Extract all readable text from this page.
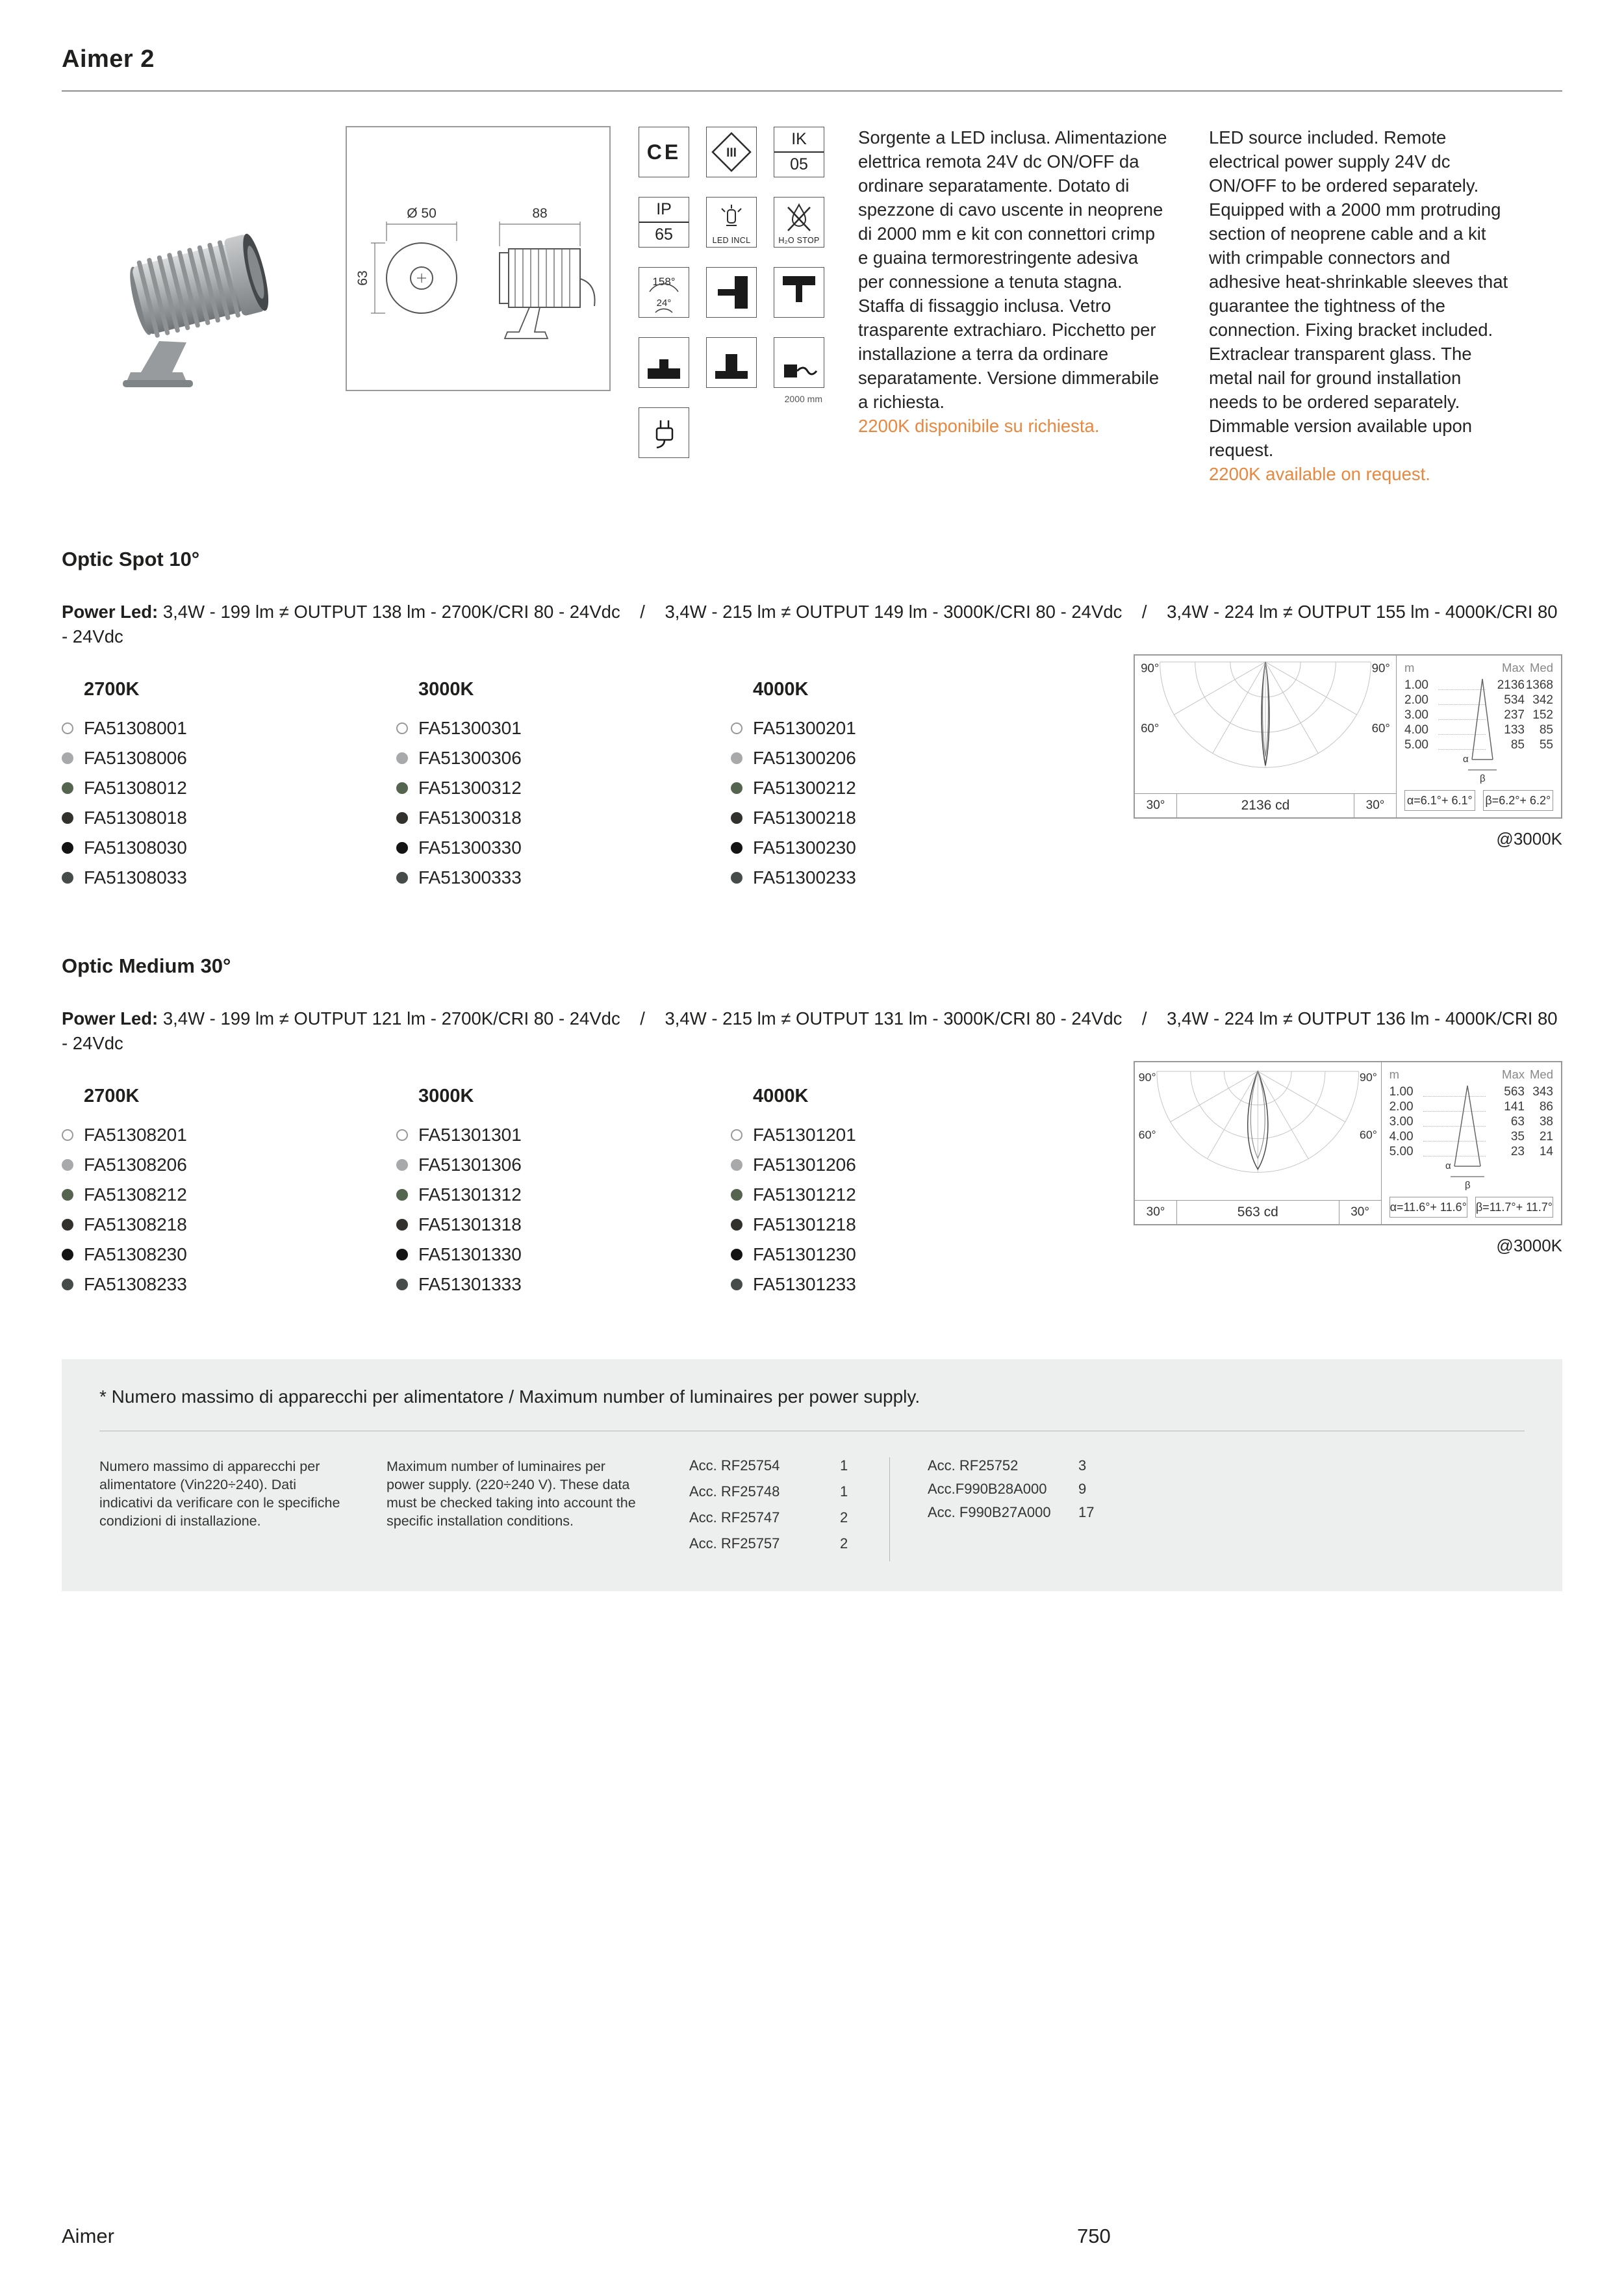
Aimer 2
Ø 50
63
88
CE	III
IK
05
IP
65	LED INCL	H₂O STOP
158°
24°
2000 mm

Sorgente a LED inclusa. Alimentazione elettrica remota 24V dc ON/OFF da ordinare separatamente. Dotato di spezzone di cavo uscente in neoprene di 2000 mm e kit con connettori crimp e guaina termorestringente adesiva per connessione a tenuta stagna. Staffa di fissaggio inclusa. Vetro trasparente extrachiaro. Picchetto per installazione a terra da ordinare separatamente. Versione dimmerabile a richiesta.

2200K disponibile su richiesta.

LED source included. Remote electrical power supply 24V dc ON/OFF to be ordered separately. Equipped with a 2000 mm protruding section of neoprene cable and a kit with crimpable connectors and adhesive heat-shrinkable sleeves that guarantee the tightness of the connection. Fixing bracket included. Extraclear transparent glass. The metal nail for ground installation needs to be ordered separately. Dimmable version available upon request.

2200K available on request.

Optic Spot 10°

Power Led: 3,4W - 199 lm ≠ OUTPUT 138 lm - 2700K/CRI 80 - 24Vdc    /    3,4W - 215 lm ≠ OUTPUT 149 lm - 3000K/CRI 80 - 24Vdc    /    3,4W - 224 lm ≠ OUTPUT 155 lm - 4000K/CRI 80 - 24Vdc

2700K
FA51308001
FA51308006
FA51308012
FA51308018
FA51308030
FA51308033
3000K
FA51300301
FA51300306
FA51300312
FA51300318
FA51300330
FA51300333
4000K
FA51300201
FA51300206
FA51300212
FA51300218
FA51300230
FA51300233
90°	90°
60°	60°
30°	2136 cd	30°
m	Max Med
1.00	2136 1368
2.00	534 342
3.00	237 152
4.00	133	85
5.00	85	55
α
β
α=6.1°+ 6.1° β=6.2°+ 6.2°
@3000K
Optic Medium 30°

Power Led: 3,4W - 199 lm ≠ OUTPUT 121 lm - 2700K/CRI 80 - 24Vdc    /    3,4W - 215 lm ≠ OUTPUT 131 lm - 3000K/CRI 80 - 24Vdc    /    3,4W - 224 lm ≠ OUTPUT 136 lm - 4000K/CRI 80 - 24Vdc

2700K
FA51308201
FA51308206
FA51308212
FA51308218
FA51308230
FA51308233
3000K
FA51301301
FA51301306
FA51301312
FA51301318
FA51301330
FA51301333
4000K
FA51301201
FA51301206
FA51301212
FA51301218
FA51301230
FA51301233
90°	90°
60°	60°
30°	563 cd	30°
m	Max Med
1.00	563 343
2.00	141	86
3.00	63	38
4.00	35	21
5.00	23	14
α
β
α=11.6°+ 11.6° β=11.7°+ 11.7°
@3000K

* Numero massimo di apparecchi per alimentatore / Maximum number of luminaires per power supply.

Numero massimo di apparecchi per alimentatore (Vin220÷240). Dati indicativi da verificare con le specifiche condizioni di installazione.

Maximum number of luminaires per power supply. (220÷240 V). These data must be checked taking into account the specific installation conditions.

Acc. RF25754	1
Acc. RF25748	1
Acc. RF25747	2
Acc. RF25757	2
Acc. RF25752	3
Acc.F990B28A000	9
Acc. F990B27A000	17
Aimer	750
